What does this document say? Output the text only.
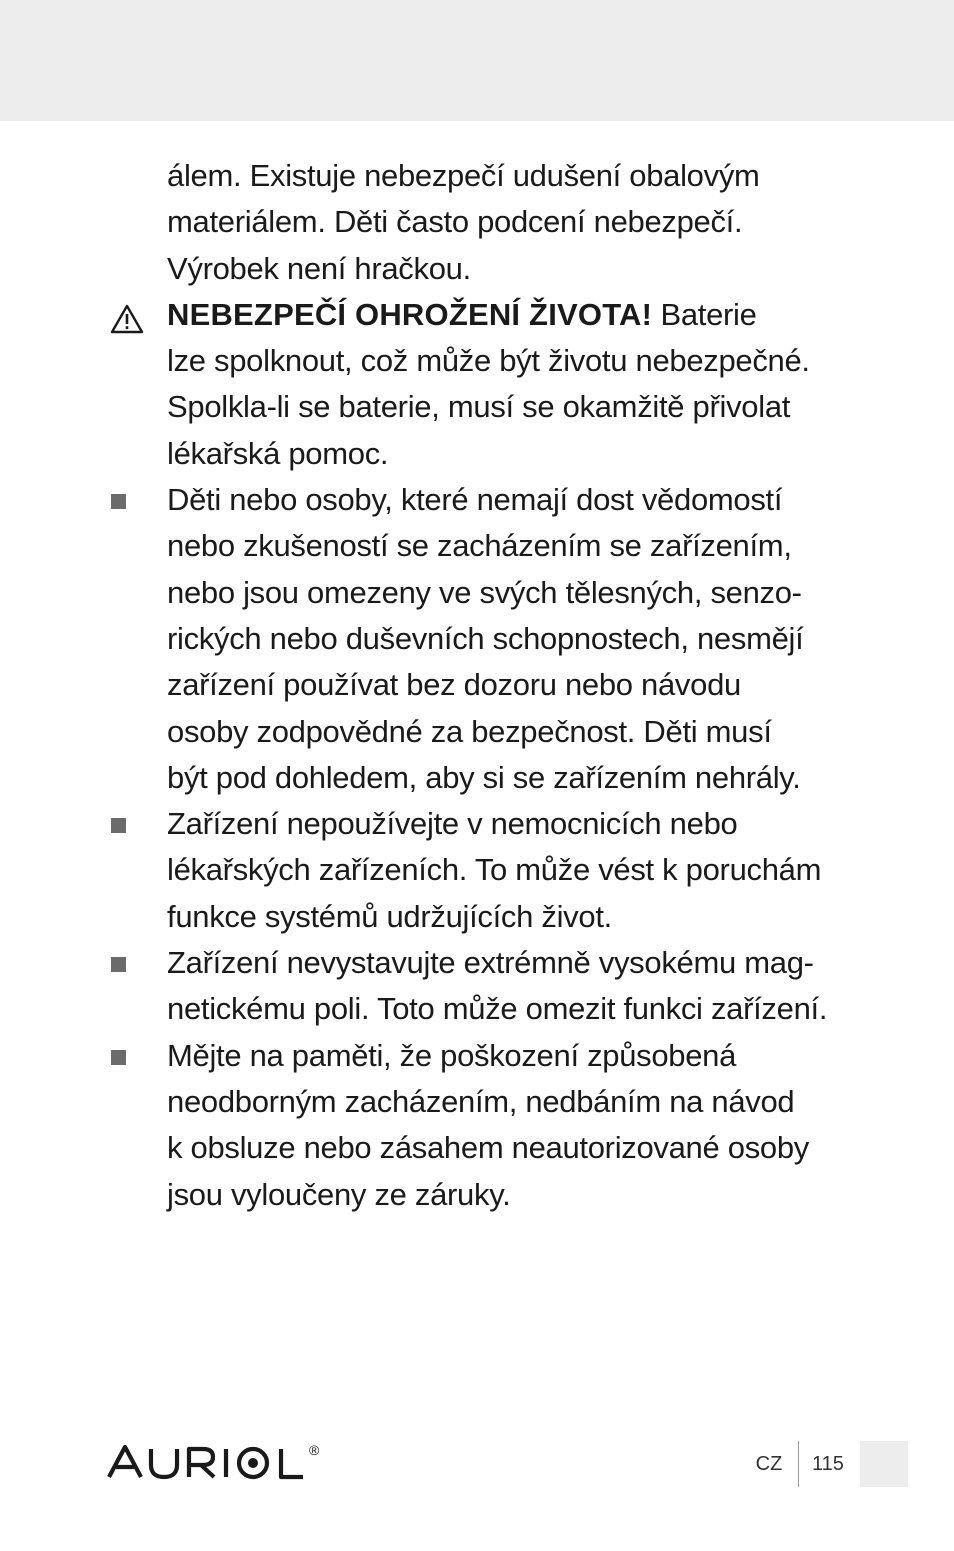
álem. Existuje nebezpečí udušení obalovým
materiálem. Děti často podcení nebezpečí.
Výrobek není hračkou.
NEBEZPEČÍ OHROŽENÍ ŽIVOTA! Baterie
lze spolknout, což může být životu nebezpečné.
Spolkla-li se baterie, musí se okamžitě přivolat
lékařská pomoc.
Děti nebo osoby, které nemají dost vědomostí
nebo zkušeností se zacházením se zařízením,
nebo jsou omezeny ve svých tělesných, senzo-
rických nebo duševních schopnostech, nesmějí
zařízení používat bez dozoru nebo návodu
osoby zodpovědné za bezpečnost. Děti musí
být pod dohledem, aby si se zařízením nehrály.
Zařízení nepoužívejte v nemocnicích nebo
lékařských zařízeních. To může vést k poruchám
funkce systémů udržujících život.
Zařízení nevystavujte extrémně vysokému mag-
netickému poli. Toto může omezit funkci zařízení.
Mějte na paměti, že poškození způsobená
neodborným zacházením, nedbáním na návod
k obsluze nebo zásahem neautorizované osoby
jsou vyloučeny ze záruky.
®
CZ	115
